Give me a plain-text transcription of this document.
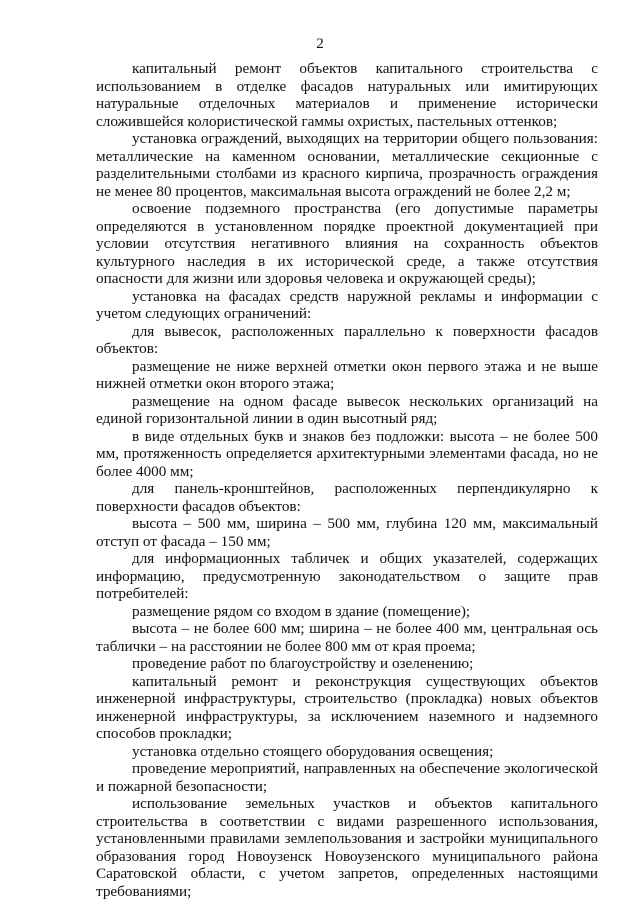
2

капитальный ремонт объектов капитального строительства с использованием в отделке фасадов натуральных или имитирующих натуральные отделочных материалов и применение исторически сложившейся колористической гаммы охристых, пастельных оттенков;

установка ограждений, выходящих на территории общего пользования: металлические на каменном основании, металлические секционные с разделительными столбами из красного кирпича, прозрачность ограждения не менее 80 процентов, максимальная высота ограждений не более 2,2 м;

освоение подземного пространства (его допустимые параметры определяются в установленном порядке проектной документацией при условии отсутствия негативного влияния на сохранность объектов культурного наследия в их исторической среде, а также отсутствия опасности для жизни или здоровья человека и окружающей среды);

установка на фасадах средств наружной рекламы и информации с учетом следующих ограничений:

для вывесок, расположенных параллельно к поверхности фасадов объектов:

размещение не ниже верхней отметки окон первого этажа и не выше нижней отметки окон второго этажа;

размещение на одном фасаде вывесок нескольких организаций на единой горизонтальной линии в один высотный ряд;

в виде отдельных букв и знаков без подложки: высота – не более 500 мм, протяженность определяется архитектурными элементами фасада, но не более 4000 мм;

для панель-кронштейнов, расположенных перпендикулярно к поверхности фасадов объектов:

высота – 500 мм, ширина – 500 мм, глубина 120 мм, максимальный отступ от фасада – 150 мм;

для информационных табличек и общих указателей, содержащих информацию, предусмотренную законодательством о защите прав потребителей:

размещение рядом со входом в здание (помещение);

высота – не более 600 мм; ширина – не более 400 мм, центральная ось таблички – на расстоянии не более 800 мм от края проема;

проведение работ по благоустройству и озеленению;

капитальный ремонт и реконструкция существующих объектов инженерной инфраструктуры, строительство (прокладка) новых объектов инженерной инфраструктуры, за исключением наземного и надземного способов прокладки;

установка отдельно стоящего оборудования освещения;

проведение мероприятий, направленных на обеспечение экологической и пожарной безопасности;

использование земельных участков и объектов капитального строительства в соответствии с видами разрешенного использования, установленными правилами землепользования и застройки муниципального образования город Новоузенск Новоузенского муниципального района Саратовской области, с учетом запретов, определенных настоящими требованиями;
